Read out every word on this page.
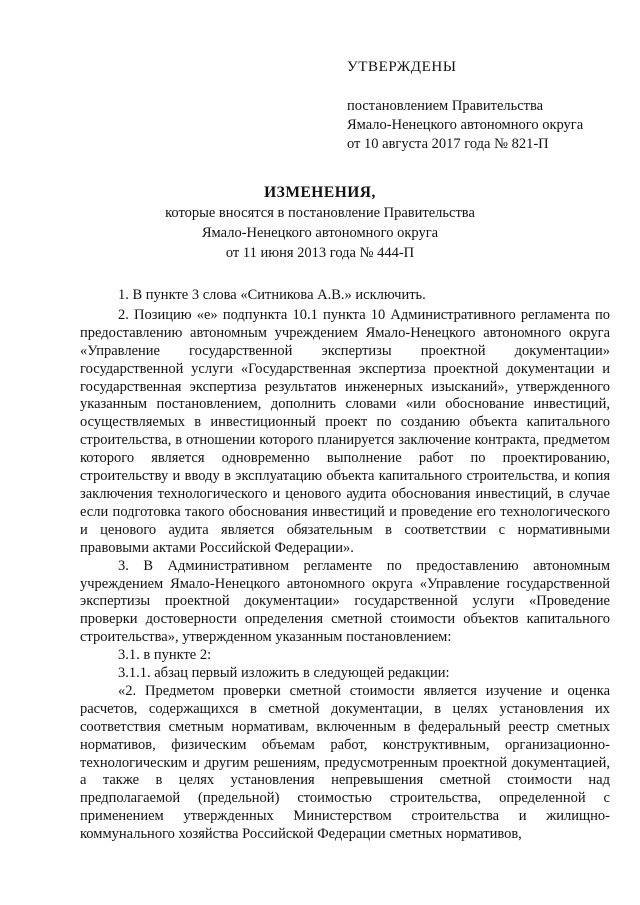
УТВЕРЖДЕНЫ
постановлением Правительства
Ямало-Ненецкого автономного округа
от 10 августа 2017 года № 821-П
ИЗМЕНЕНИЯ,
которые вносятся в постановление Правительства
Ямало-Ненецкого автономного округа
от 11 июня 2013 года № 444-П

1. В пункте 3 слова «Ситникова А.В.» исключить.

2. Позицию «е» подпункта 10.1 пункта 10 Административного регламента по предоставлению автономным учреждением Ямало-Ненецкого автономного округа «Управление государственной экспертизы проектной документации» государственной услуги «Государственная экспертиза проектной документации и государственная экспертиза результатов инженерных изысканий», утвержденного указанным постановлением, дополнить словами «или обоснование инвестиций, осуществляемых в инвестиционный проект по созданию объекта капитального строительства, в отношении которого планируется заключение контракта, предметом которого является одновременно выполнение работ по проектированию, строительству и вводу в эксплуатацию объекта капитального строительства, и копия заключения технологического и ценового аудита обоснования инвестиций, в случае если подготовка такого обоснования инвестиций и проведение его технологического и ценового аудита является обязательным в соответствии с нормативными правовыми актами Российской Федерации».

3. В Административном регламенте по предоставлению автономным учреждением Ямало-Ненецкого автономного округа «Управление государственной экспертизы проектной документации» государственной услуги «Проведение проверки достоверности определения сметной стоимости объектов капитального строительства», утвержденном указанным постановлением:

3.1. в пункте 2:

3.1.1. абзац первый изложить в следующей редакции:

«2. Предметом проверки сметной стоимости является изучение и оценка расчетов, содержащихся в сметной документации, в целях установления их соответствия сметным нормативам, включенным в федеральный реестр сметных нормативов, физическим объемам работ, конструктивным, организационно-технологическим и другим решениям, предусмотренным проектной документацией, а также в целях установления непревышения сметной стоимости над предполагаемой (предельной) стоимостью строительства, определенной с применением утвержденных Министерством строительства и жилищно-коммунального хозяйства Российской Федерации сметных нормативов,
